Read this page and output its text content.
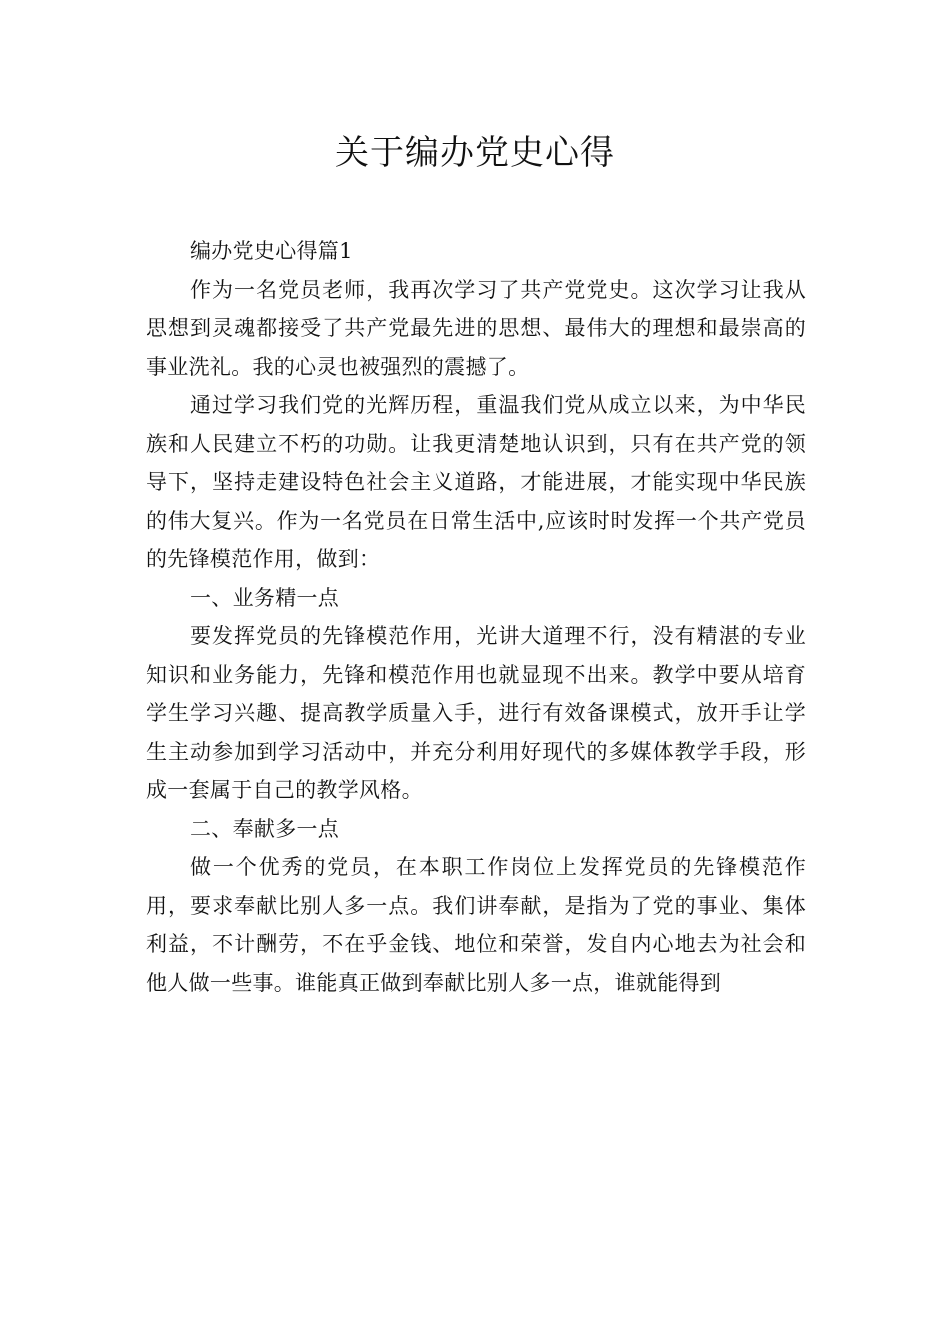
关于编办党史心得

编办党史心得篇1

作为一名党员老师，我再次学习了共产党党史。这次学习让我从思想到灵魂都接受了共产党最先进的思想、最伟大的理想和最崇高的事业洗礼。我的心灵也被强烈的震撼了。

通过学习我们党的光辉历程，重温我们党从成立以来，为中华民族和人民建立不朽的功勋。让我更清楚地认识到，只有在共产党的领导下，坚持走建设特色社会主义道路，才能进展，才能实现中华民族的伟大复兴。作为一名党员在日常生活中,应该时时发挥一个共产党员的先锋模范作用，做到：

一、业务精一点

要发挥党员的先锋模范作用，光讲大道理不行，没有精湛的专业知识和业务能力，先锋和模范作用也就显现不出来。教学中要从培育学生学习兴趣、提高教学质量入手，进行有效备课模式，放开手让学生主动参加到学习活动中，并充分利用好现代的多媒体教学手段，形成一套属于自己的教学风格。

二、奉献多一点

做一个优秀的党员，在本职工作岗位上发挥党员的先锋模范作用，要求奉献比别人多一点。我们讲奉献，是指为了党的事业、集体利益，不计酬劳，不在乎金钱、地位和荣誉，发自内心地去为社会和他人做一些事。谁能真正做到奉献比别人多一点，谁就能得到
